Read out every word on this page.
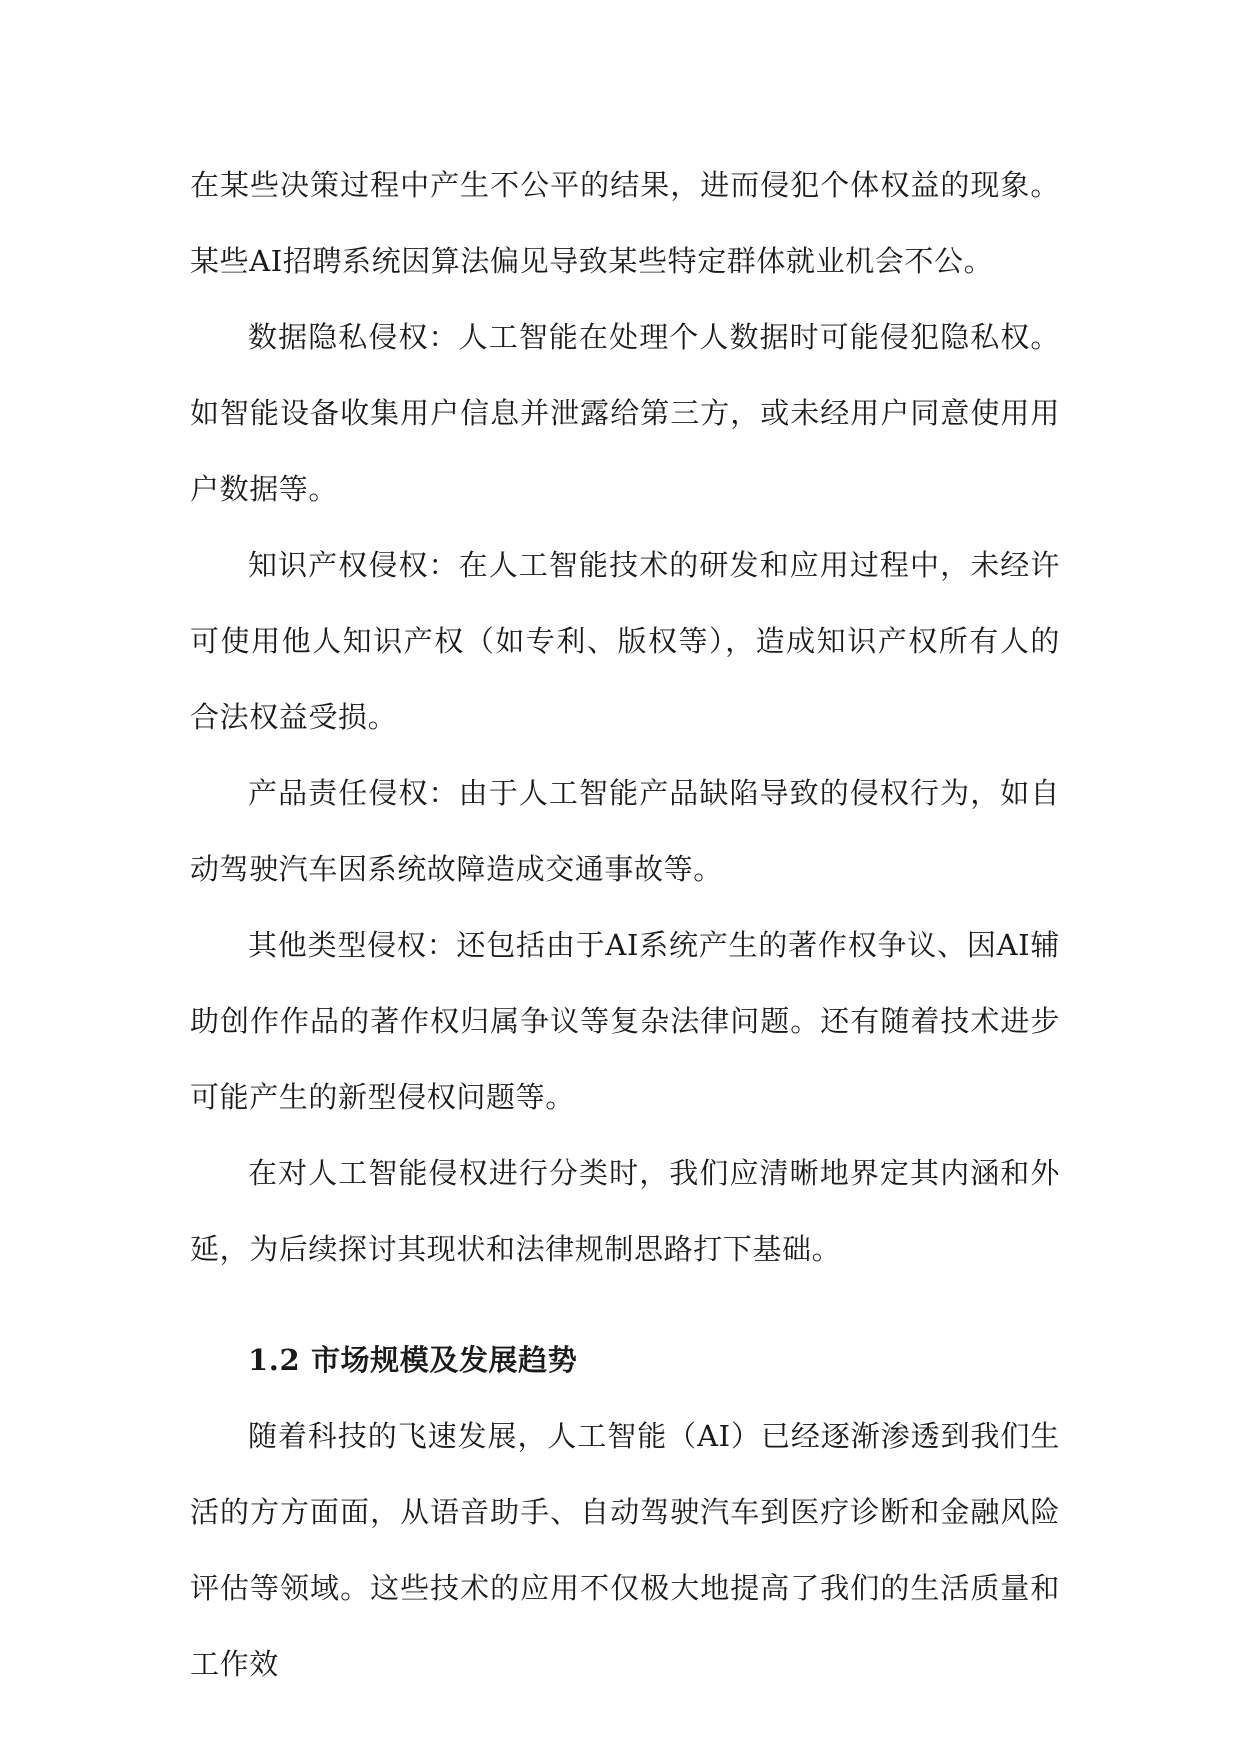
在某些决策过程中产生不公平的结果，进而侵犯个体权益的现象。某些AI招聘系统因算法偏见导致某些特定群体就业机会不公。

数据隐私侵权：人工智能在处理个人数据时可能侵犯隐私权。如智能设备收集用户信息并泄露给第三方，或未经用户同意使用用户数据等。

知识产权侵权：在人工智能技术的研发和应用过程中，未经许可使用他人知识产权（如专利、版权等），造成知识产权所有人的合法权益受损。

产品责任侵权：由于人工智能产品缺陷导致的侵权行为，如自动驾驶汽车因系统故障造成交通事故等。

其他类型侵权：还包括由于AI系统产生的著作权争议、因AI辅助创作作品的著作权归属争议等复杂法律问题。还有随着技术进步可能产生的新型侵权问题等。

在对人工智能侵权进行分类时，我们应清晰地界定其内涵和外延，为后续探讨其现状和法律规制思路打下基础。

1.2 市场规模及发展趋势

随着科技的飞速发展，人工智能（AI）已经逐渐渗透到我们生活的方方面面，从语音助手、自动驾驶汽车到医疗诊断和金融风险评估等领域。这些技术的应用不仅极大地提高了我们的生活质量和工作效
